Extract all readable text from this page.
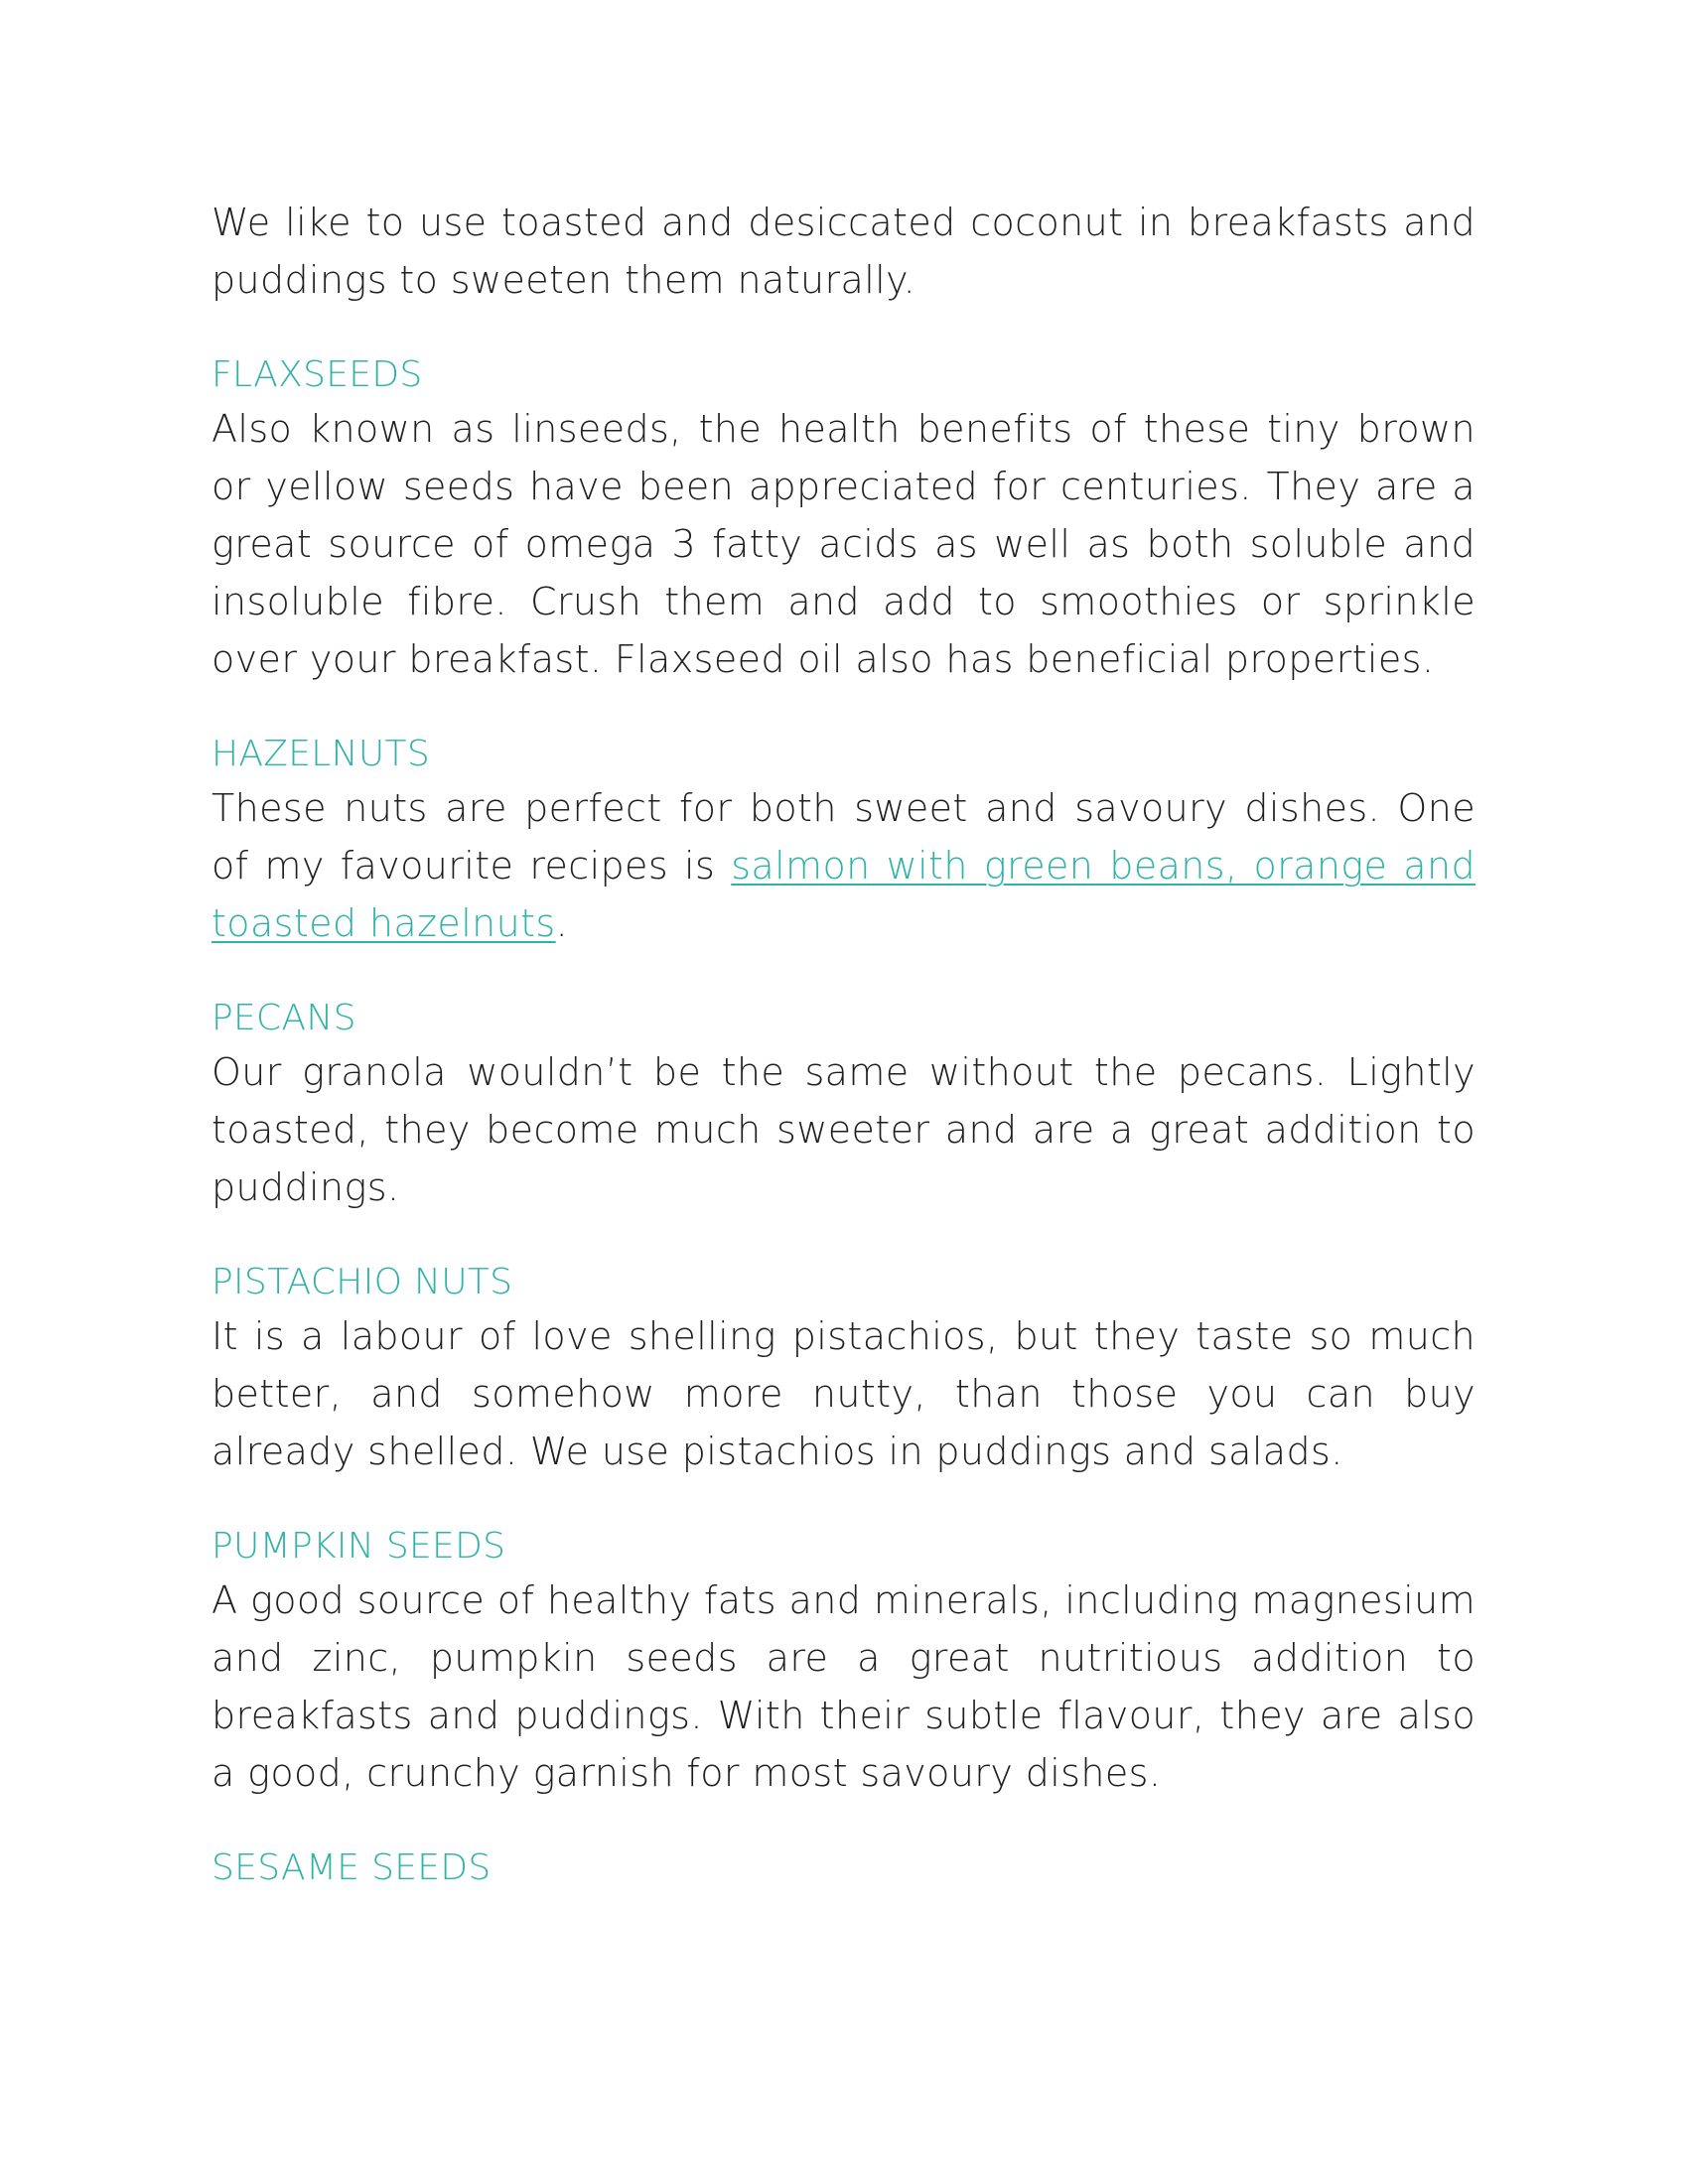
We like to use toasted and desiccated coconut in breakfasts and puddings to sweeten them naturally.

FLAXSEEDS

Also known as linseeds, the health benefits of these tiny brown or yellow seeds have been appreciated for centuries. They are a great source of omega 3 fatty acids as well as both soluble and insoluble fibre. Crush them and add to smoothies or sprinkle over your breakfast. Flaxseed oil also has beneficial properties.

HAZELNUTS

These nuts are perfect for both sweet and savoury dishes. One of my favourite recipes is salmon with green beans, orange and toasted hazelnuts.

PECANS

Our granola wouldn’t be the same without the pecans. Lightly toasted, they become much sweeter and are a great addition to puddings.

PISTACHIO NUTS

It is a labour of love shelling pistachios, but they taste so much better, and somehow more nutty, than those you can buy already shelled. We use pistachios in puddings and salads.

PUMPKIN SEEDS

A good source of healthy fats and minerals, including magnesium and zinc, pumpkin seeds are a great nutritious addition to breakfasts and puddings. With their subtle flavour, they are also a good, crunchy garnish for most savoury dishes.

SESAME SEEDS
